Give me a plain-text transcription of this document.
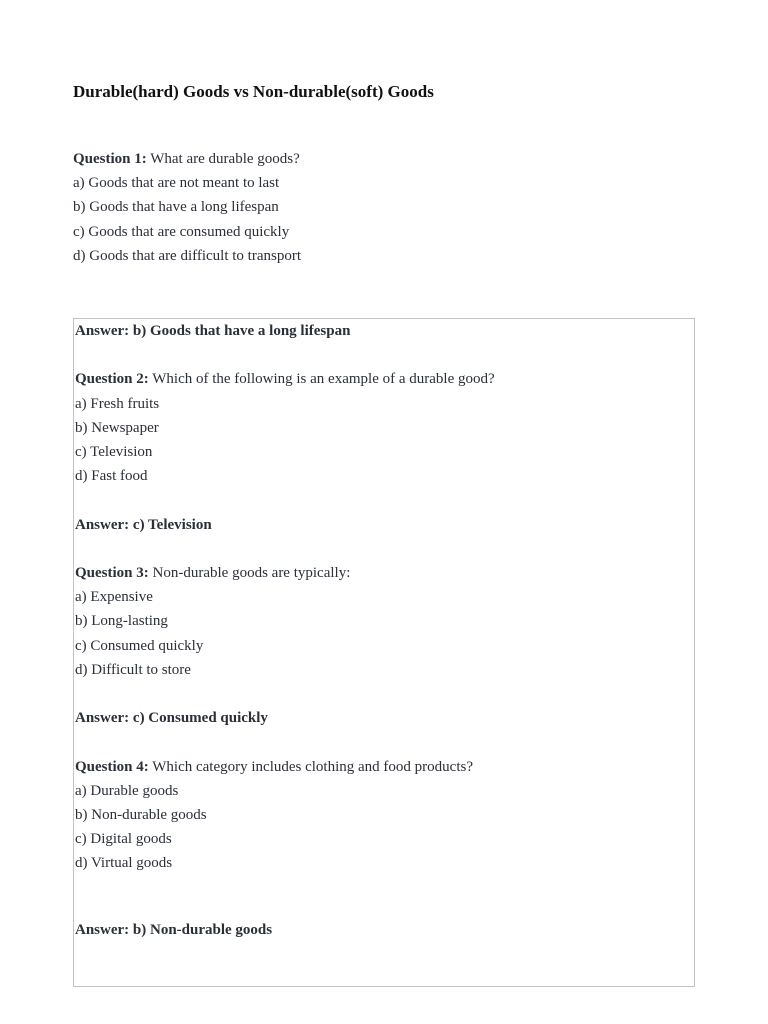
Durable(hard) Goods vs Non-durable(soft) Goods
Question 1: What are durable goods?
a) Goods that are not meant to last
b) Goods that have a long lifespan
c) Goods that are consumed quickly
d) Goods that are difficult to transport
Answer: b) Goods that have a long lifespan
Question 2: Which of the following is an example of a durable good?
a) Fresh fruits
b) Newspaper
c) Television
d) Fast food
Answer: c) Television
Question 3: Non-durable goods are typically:
a) Expensive
b) Long-lasting
c) Consumed quickly
d) Difficult to store
Answer: c) Consumed quickly
Question 4: Which category includes clothing and food products?
a) Durable goods
b) Non-durable goods
c) Digital goods
d) Virtual goods
Answer: b) Non-durable goods
